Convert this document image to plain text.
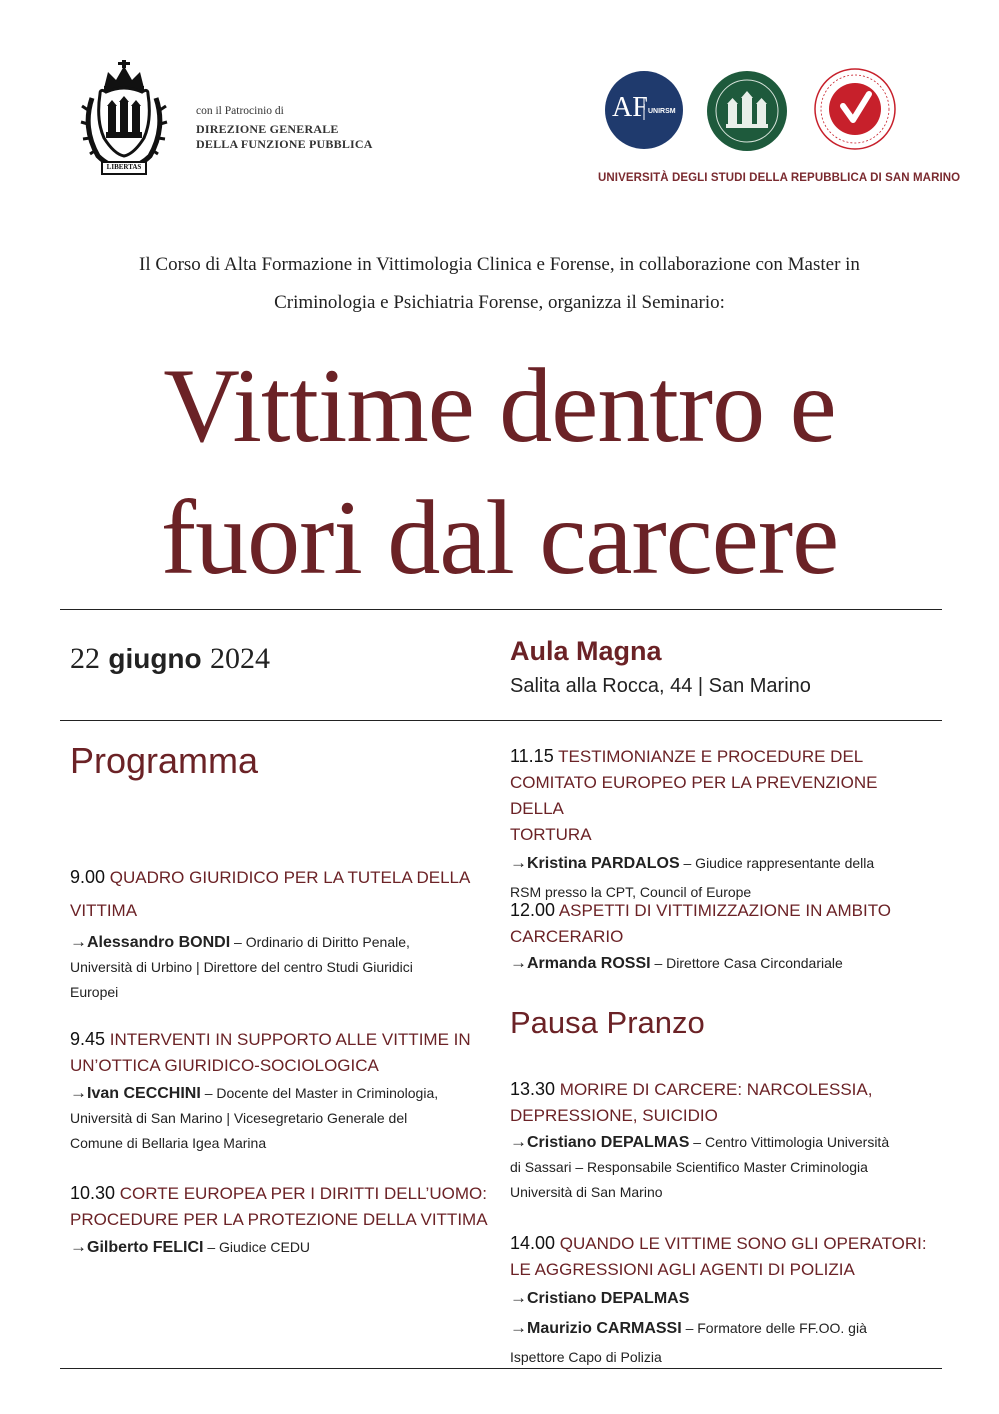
LIBERTAS
con il Patrocinio di
DIREZIONE GENERALE
DELLA FUNZIONE PUBBLICA
AF UNIRSM
UNIVERSITÀ DEGLI STUDI DELLA REPUBBLICA DI SAN MARINO
Il Corso di Alta Formazione in Vittimologia Clinica e Forense, in collaborazione con Master in
Criminologia e Psichiatria Forense, organizza il Seminario:
Vittime dentro e
fuori dal carcere
22 giugno 2024	Aula Magna
Salita alla Rocca, 44 | San Marino
Programma
Pausa Pranzo
9.00 QUADRO GIURIDICO PER LA TUTELA DELLA
VITTIMA
→Alessandro BONDI – Ordinario di Diritto Penale,
Università di Urbino | Direttore del centro Studi Giuridici
Europei
9.45 INTERVENTI IN SUPPORTO ALLE VITTIME IN
UN’OTTICA GIURIDICO-SOCIOLOGICA
→Ivan CECCHINI – Docente del Master in Criminologia,
Università di San Marino | Vicesegretario Generale del
Comune di Bellaria Igea Marina
10.30 CORTE EUROPEA PER I DIRITTI DELL’UOMO:
PROCEDURE PER LA PROTEZIONE DELLA VITTIMA
→Gilberto FELICI – Giudice CEDU
11.15 TESTIMONIANZE E PROCEDURE DEL
COMITATO EUROPEO PER LA PREVENZIONE DELLA
TORTURA
→Kristina PARDALOS – Giudice rappresentante della
RSM presso la CPT, Council of Europe
12.00 ASPETTI DI VITTIMIZZAZIONE IN AMBITO
CARCERARIO
→Armanda ROSSI – Direttore Casa Circondariale
13.30 MORIRE DI CARCERE: NARCOLESSIA,
DEPRESSIONE, SUICIDIO
→Cristiano DEPALMAS – Centro Vittimologia Università
di Sassari – Responsabile Scientifico Master Criminologia
Università di San Marino
14.00 QUANDO LE VITTIME SONO GLI OPERATORI:
LE AGGRESSIONI AGLI AGENTI DI POLIZIA
→Cristiano DEPALMAS
→Maurizio CARMASSI – Formatore delle FF.OO. già
Ispettore Capo di Polizia
